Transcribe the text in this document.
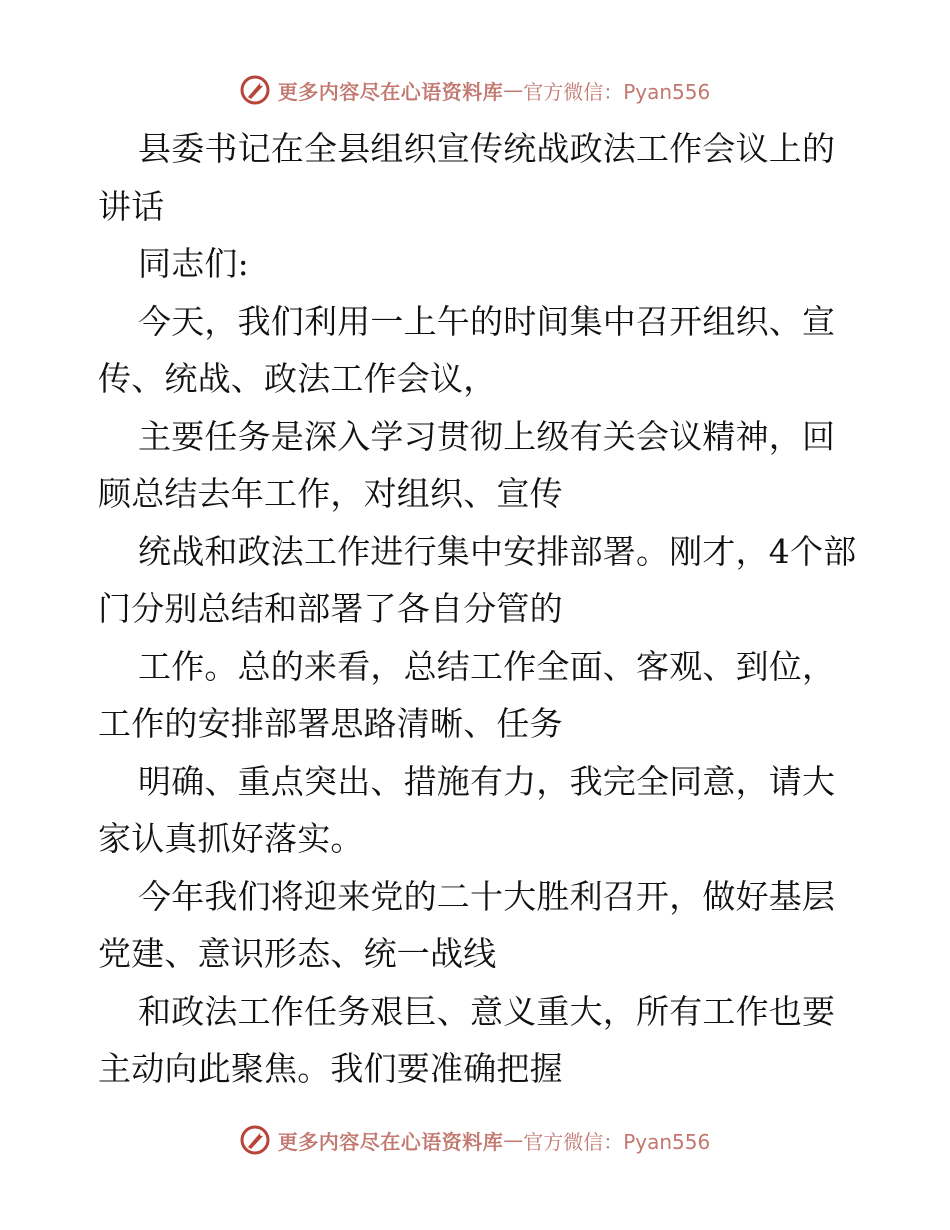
更多内容尽在心语资料库 — 官方微信：Pyan556

县委书记在全县组织宣传统战政法工作会议上的讲话

同志们:

今天，我们利用一上午的时间集中召开组织、宣传、统战、政法工作会议，

主要任务是深入学习贯彻上级有关会议精神，回顾总结去年工作，对组织、宣传

统战和政法工作进行集中安排部署。刚才，4个部门分别总结和部署了各自分管的

工作。总的来看，总结工作全面、客观、到位，工作的安排部署思路清晰、任务

明确、重点突出、措施有力，我完全同意，请大家认真抓好落实。

今年我们将迎来党的二十大胜利召开，做好基层党建、意识形态、统一战线

和政法工作任务艰巨、意义重大，所有工作也要主动向此聚焦。我们要准确把握

更多内容尽在心语资料库 — 官方微信：Pyan556
